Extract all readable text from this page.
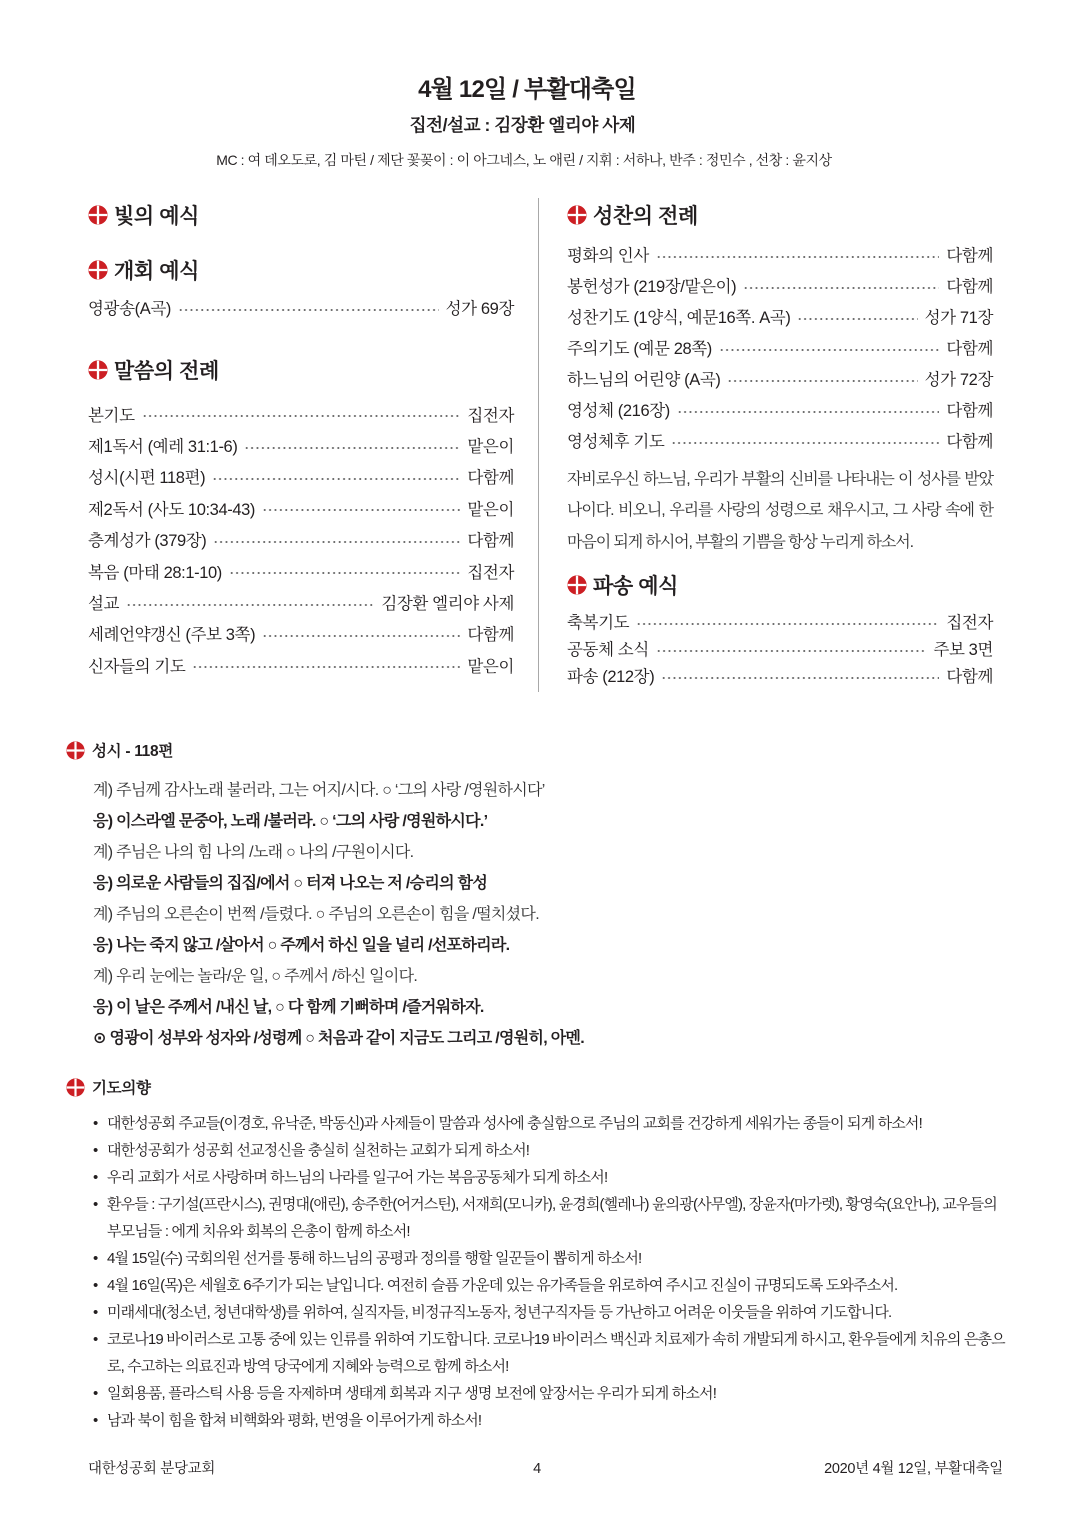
4월 12일 / 부활대축일
집전/설교 : 김장환 엘리야 사제
MC : 여 데오도로, 김 마틴 / 제단 꽃꽂이 : 이 아그네스, 노 애린 / 지휘 : 서하나, 반주 : 정민수 , 선창 : 윤지상
빛의 예식
개회 예식
영광송(A곡)	성가 69장
말씀의 전례
본기도	집전자
제1독서 (예레 31:1-6)	맡은이
성시(시편 118편)	다함께
제2독서 (사도 10:34-43)	맡은이
층계성가 (379장)	다함께
복음 (마태 28:1-10)	집전자
설교	김장환 엘리야 사제
세례언약갱신 (주보 3쪽)	다함께
신자들의 기도	맡은이
성찬의 전례
평화의 인사	다함께
봉헌성가 (219장/맡은이)	다함께
성찬기도 (1양식, 예문16쪽. A곡)	성가 71장
주의기도 (예문 28쪽)	다함께
하느님의 어린양 (A곡)	성가 72장
영성체 (216장)	다함께
영성체후 기도	다함께

자비로우신 하느님, 우리가 부활의 신비를 나타내는 이 성사를 받았나이다. 비오니, 우리를 사랑의 성령으로 채우시고, 그 사랑 속에 한 마음이 되게 하시어, 부활의 기쁨을 항상 누리게 하소서.

파송 예식
축복기도	집전자
공동체 소식	주보 3면
파송 (212장)	다함께
성시 - 118편
계) 주님께 감사노래 불러라, 그는 어지/시다. ○ ‘그의 사랑 /영원하시다’
응) 이스라엘 문중아, 노래 /불러라. ○ ‘그의 사랑 /영원하시다.’
계) 주님은 나의 힘 나의 /노래 ○ 나의 /구원이시다.
응) 의로운 사람들의 집집/에서 ○ 터져 나오는 저 /승리의 함성
계) 주님의 오른손이 번쩍 /들렸다. ○ 주님의 오른손이 힘을 /떨치셨다.
응) 나는 죽지 않고 /살아서 ○ 주께서 하신 일을 널리 /선포하리라.
계) 우리 눈에는 놀라/운 일, ○ 주께서 /하신 일이다.
응) 이 날은 주께서 /내신 날, ○ 다 함께 기뻐하며 /즐거워하자.
⊙ 영광이 성부와 성자와 /성령께 ○ 처음과 같이 지금도 그리고 /영원히, 아멘.
기도의향
• 대한성공회 주교들(이경호, 유낙준, 박동신)과 사제들이 말씀과 성사에 충실함으로 주님의 교회를 건강하게 세워가는 종들이 되게 하소서!
• 대한성공회가 성공회 선교정신을 충실히 실천하는 교회가 되게 하소서!
• 우리 교회가 서로 사랑하며 하느님의 나라를 일구어 가는 복음공동체가 되게 하소서!
• 환우들 : 구기설(프란시스), 권명대(애린), 송주한(어거스틴), 서재희(모니카), 윤경희(헬레나) 윤의광(사무엘), 장윤자(마가렛), 황영숙(요안나), 교우들의 부모님들 : 에게 치유와 회복의 은총이 함께 하소서!
• 4월 15일(수) 국회의원 선거를 통해 하느님의 공평과 정의를 행할 일꾼들이 뽑히게 하소서!
• 4월 16일(목)은 세월호 6주기가 되는 날입니다. 여전히 슬픔 가운데 있는 유가족들을 위로하여 주시고 진실이 규명되도록 도와주소서.
• 미래세대(청소년, 청년대학생)를 위하여, 실직자들, 비정규직노동자, 청년구직자들 등 가난하고 어려운 이웃들을 위하여 기도합니다.
• 코로나19 바이러스로 고통 중에 있는 인류를 위하여 기도합니다. 코로나19 바이러스 백신과 치료제가 속히 개발되게 하시고, 환우들에게 치유의 은총으로, 수고하는 의료진과 방역 당국에게 지혜와 능력으로 함께 하소서!
• 일회용품, 플라스틱 사용 등을 자제하며 생태계 회복과 지구 생명 보전에 앞장서는 우리가 되게 하소서!
• 남과 북이 힘을 합쳐 비핵화와 평화, 번영을 이루어가게 하소서!
대한성공회 분당교회	4	2020년 4월 12일, 부활대축일
